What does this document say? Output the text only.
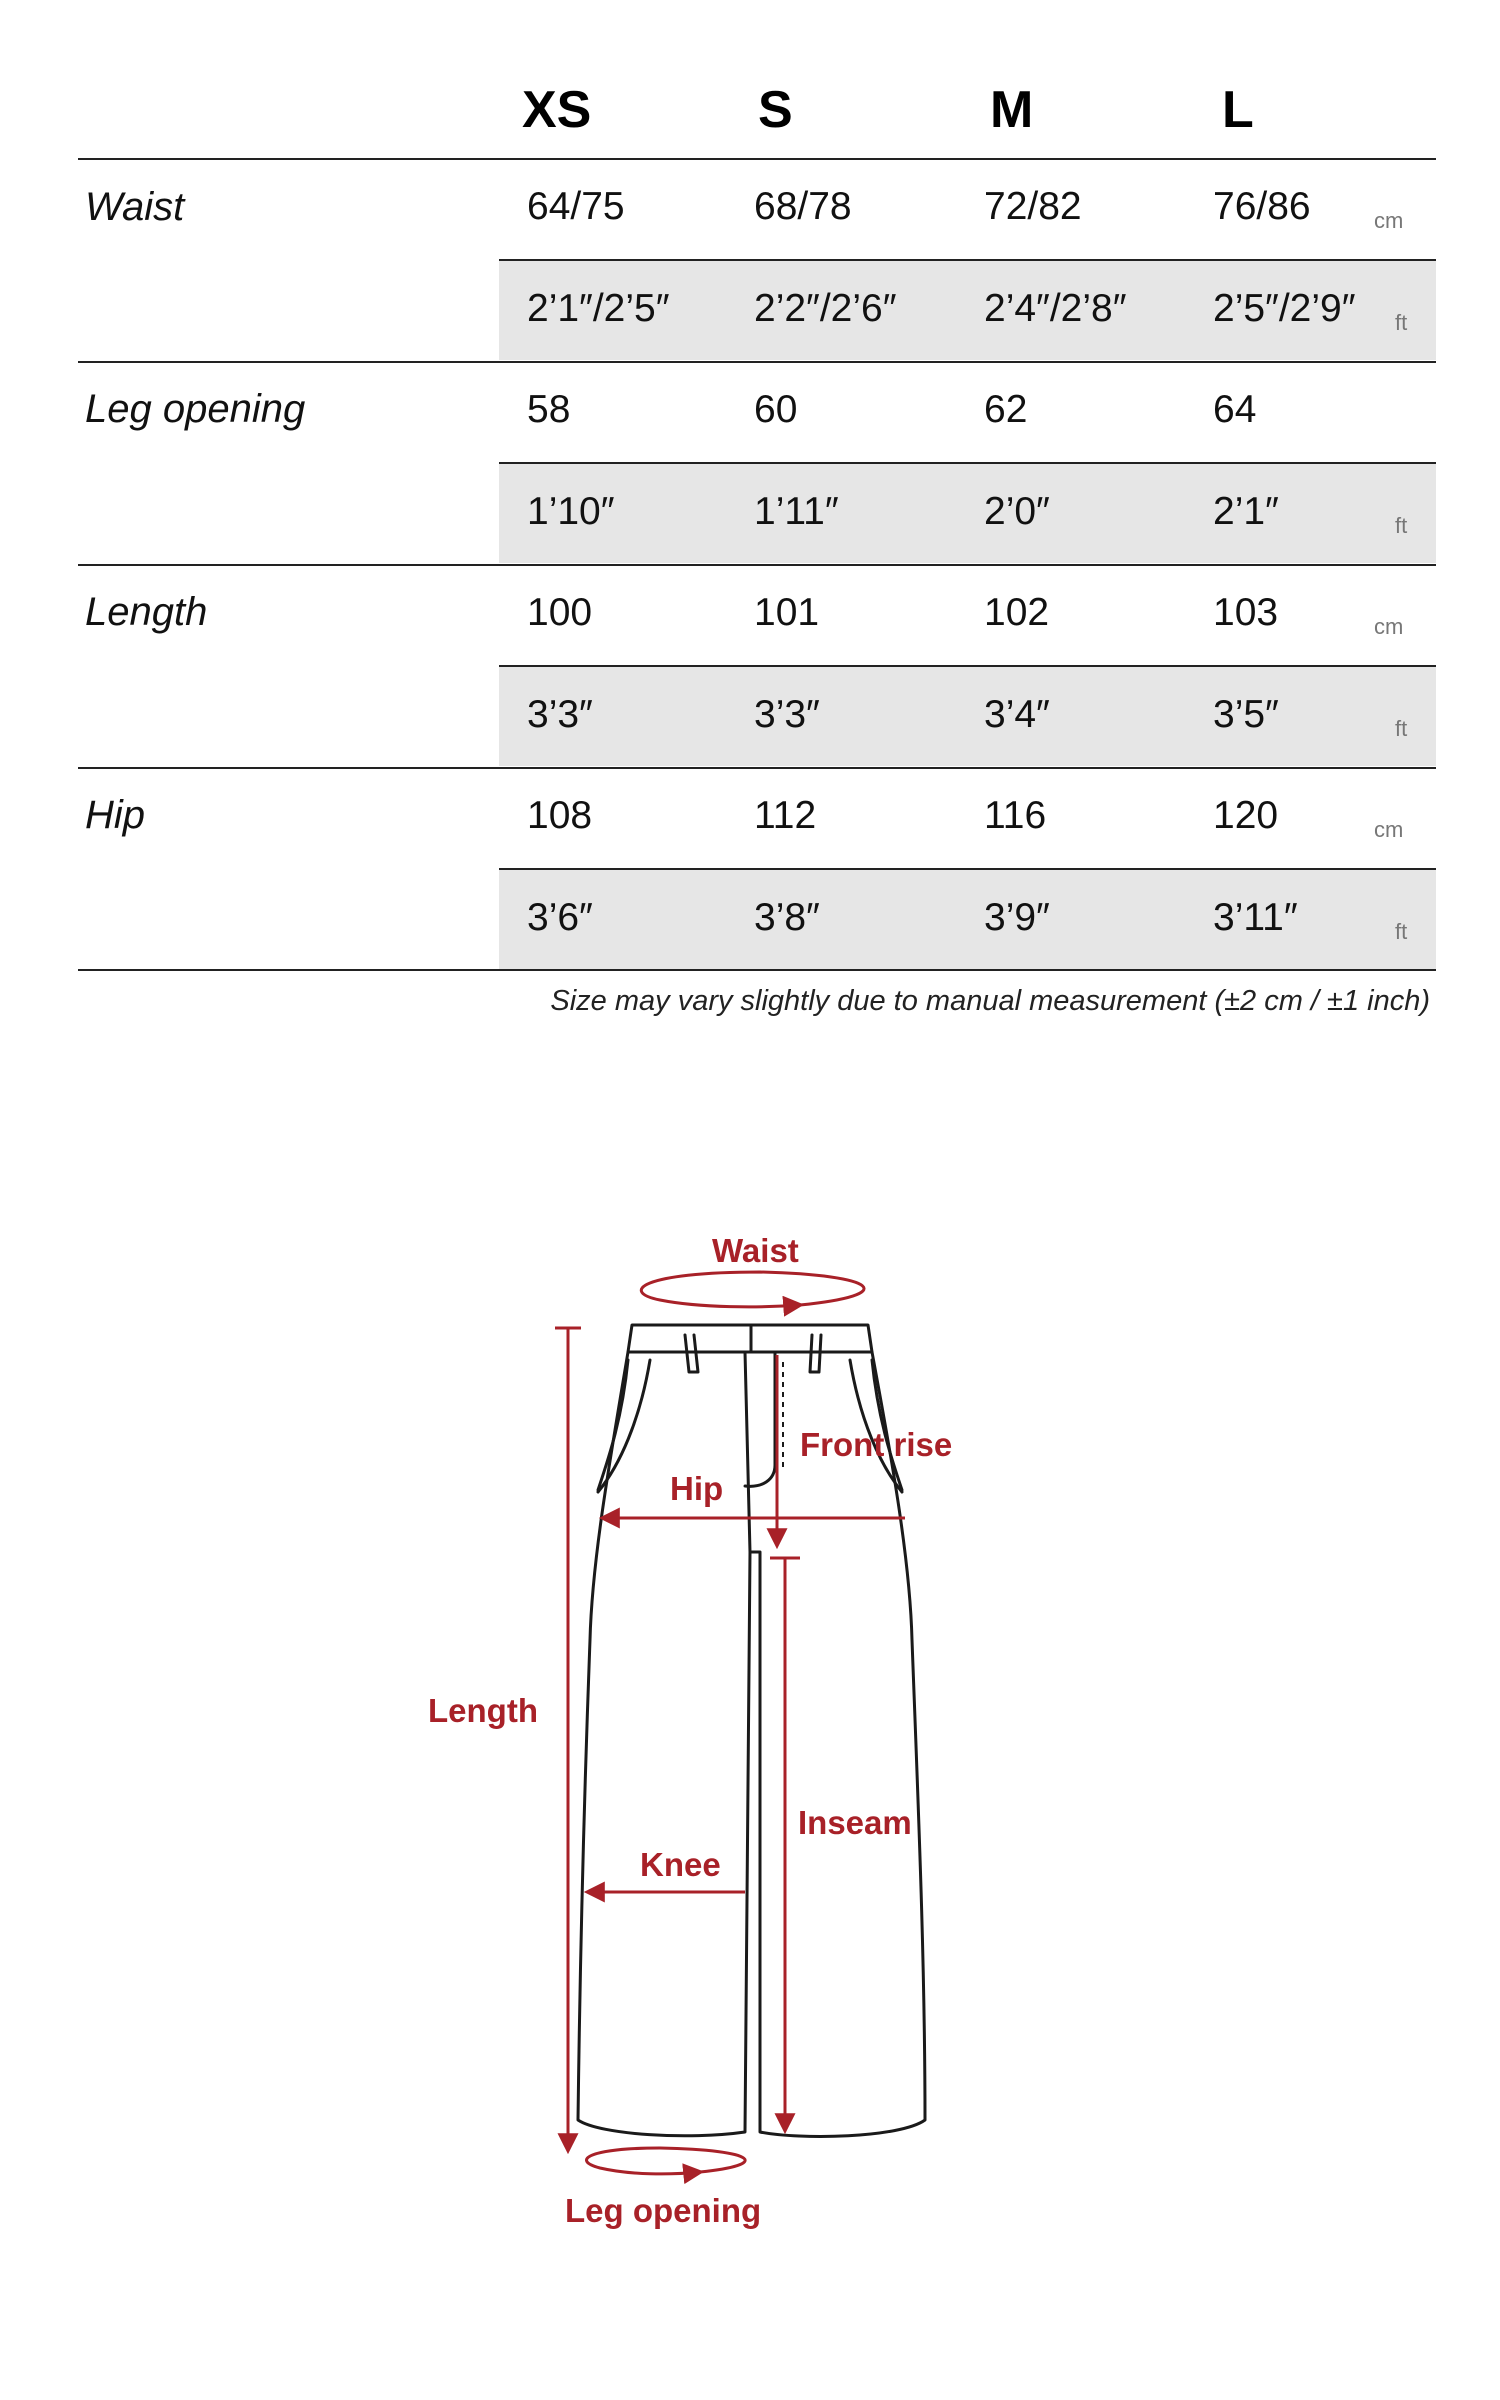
XS	S	M	L
Waist	64/75	68/78	72/82	76/86	cm
2’1″/2’5″ 2’2″/2’6″ 2’4″/2’8″ 2’5″/2’9″ ft
Leg opening	58	60	62	64
1’10″	1’11″	2’0″	2’1″	ft
Length	100	101	102	103	cm
3’3″	3’3″	3’4″	3’5″	ft
Hip	108	112	116	120	cm
3’6″	3’8″	3’9″	3’11″	ft
Size may vary slightly due to manual measurement (±2 cm / ±1 inch)
Waist
Front rise
Hip
Length
Inseam
Knee
Leg opening
